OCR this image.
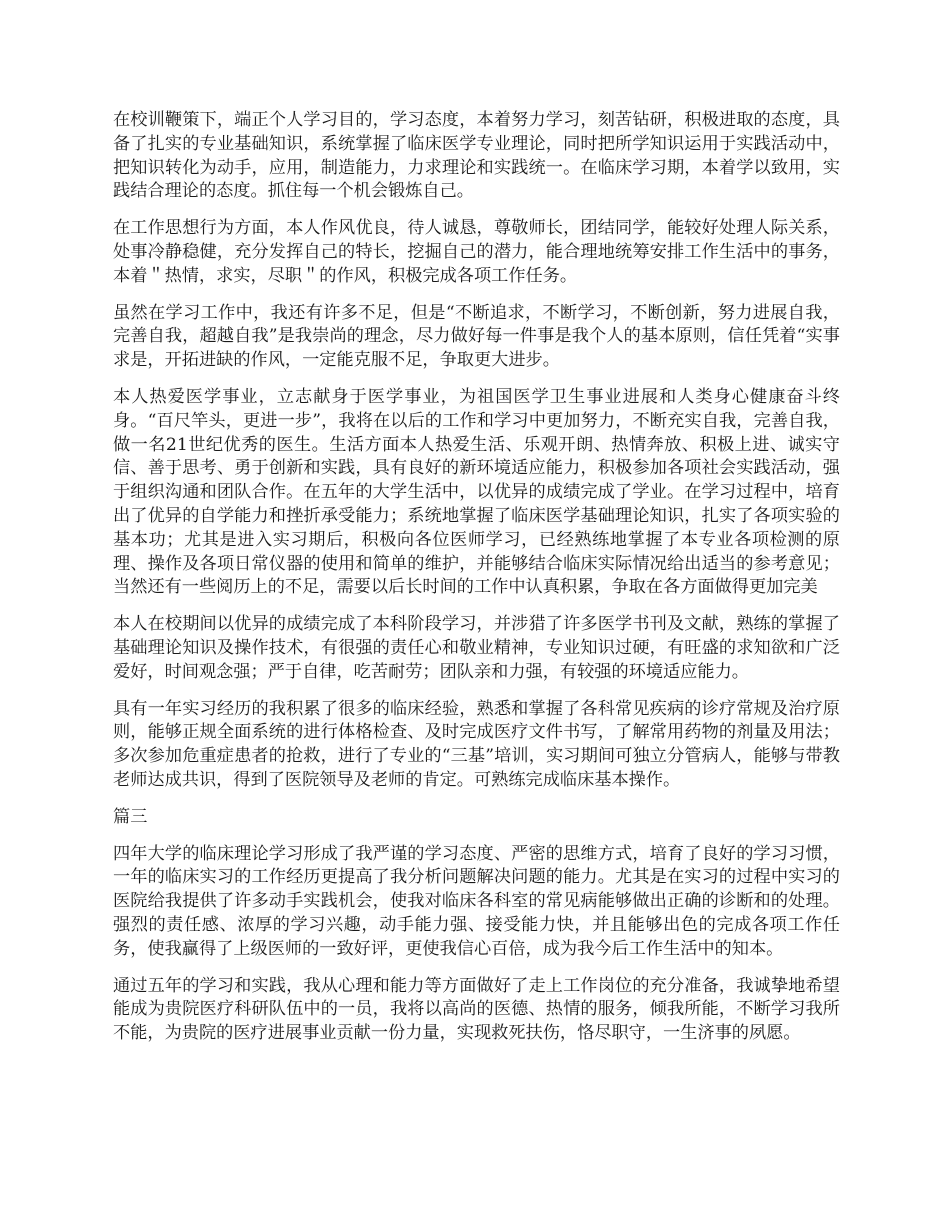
在校训鞭策下，端正个人学习目的，学习态度，本着努力学习，刻苦钻研，积极进取的态度，具备了扎实的专业基础知识，系统掌握了临床医学专业理论，同时把所学知识运用于实践活动中，把知识转化为动手，应用，制造能力，力求理论和实践统一。在临床学习期，本着学以致用，实践结合理论的态度。抓住每一个机会锻炼自己。

在工作思想行为方面，本人作风优良，待人诚恳，尊敬师长，团结同学，能较好处理人际关系，处事冷静稳健，充分发挥自己的特长，挖掘自己的潜力，能合理地统筹安排工作生活中的事务，本着＂热情，求实，尽职＂的作风，积极完成各项工作任务。

虽然在学习工作中，我还有许多不足，但是“不断追求，不断学习，不断创新，努力进展自我，完善自我，超越自我”是我崇尚的理念，尽力做好每一件事是我个人的基本原则，信任凭着“实事求是，开拓进缺的作风，一定能克服不足，争取更大进步。

本人热爱医学事业，立志献身于医学事业，为祖国医学卫生事业进展和人类身心健康奋斗终身。“百尺竿头，更进一步”，我将在以后的工作和学习中更加努力，不断充实自我，完善自我，做一名21世纪优秀的医生。生活方面本人热爱生活、乐观开朗、热情奔放、积极上进、诚实守信、善于思考、勇于创新和实践，具有良好的新环境适应能力，积极参加各项社会实践活动，强于组织沟通和团队合作。在五年的大学生活中，以优异的成绩完成了学业。在学习过程中，培育出了优异的自学能力和挫折承受能力；系统地掌握了临床医学基础理论知识，扎实了各项实验的基本功；尤其是进入实习期后，积极向各位医师学习，已经熟练地掌握了本专业各项检测的原理、操作及各项日常仪器的使用和简单的维护，并能够结合临床实际情况给出适当的参考意见；当然还有一些阅历上的不足，需要以后长时间的工作中认真积累，争取在各方面做得更加完美

本人在校期间以优异的成绩完成了本科阶段学习，并涉猎了许多医学书刊及文献，熟练的掌握了基础理论知识及操作技术，有很强的责任心和敬业精神，专业知识过硬，有旺盛的求知欲和广泛爱好，时间观念强；严于自律，吃苦耐劳；团队亲和力强，有较强的环境适应能力。

具有一年实习经历的我积累了很多的临床经验，熟悉和掌握了各科常见疾病的诊疗常规及治疗原则，能够正规全面系统的进行体格检查、及时完成医疗文件书写，了解常用药物的剂量及用法；多次参加危重症患者的抢救，进行了专业的“三基”培训，实习期间可独立分管病人，能够与带教老师达成共识，得到了医院领导及老师的肯定。可熟练完成临床基本操作。

篇三

四年大学的临床理论学习形成了我严谨的学习态度、严密的思维方式，培育了良好的学习习惯，一年的临床实习的工作经历更提高了我分析问题解决问题的能力。尤其是在实习的过程中实习的医院给我提供了许多动手实践机会，使我对临床各科室的常见病能够做出正确的诊断和的处理。强烈的责任感、浓厚的学习兴趣，动手能力强、接受能力快，并且能够出色的完成各项工作任务，使我赢得了上级医师的一致好评，更使我信心百倍，成为我今后工作生活中的知本。

通过五年的学习和实践，我从心理和能力等方面做好了走上工作岗位的充分准备，我诚挚地希望能成为贵院医疗科研队伍中的一员，我将以高尚的医德、热情的服务，倾我所能，不断学习我所不能，为贵院的医疗进展事业贡献一份力量，实现救死扶伤，恪尽职守，一生济事的夙愿。
